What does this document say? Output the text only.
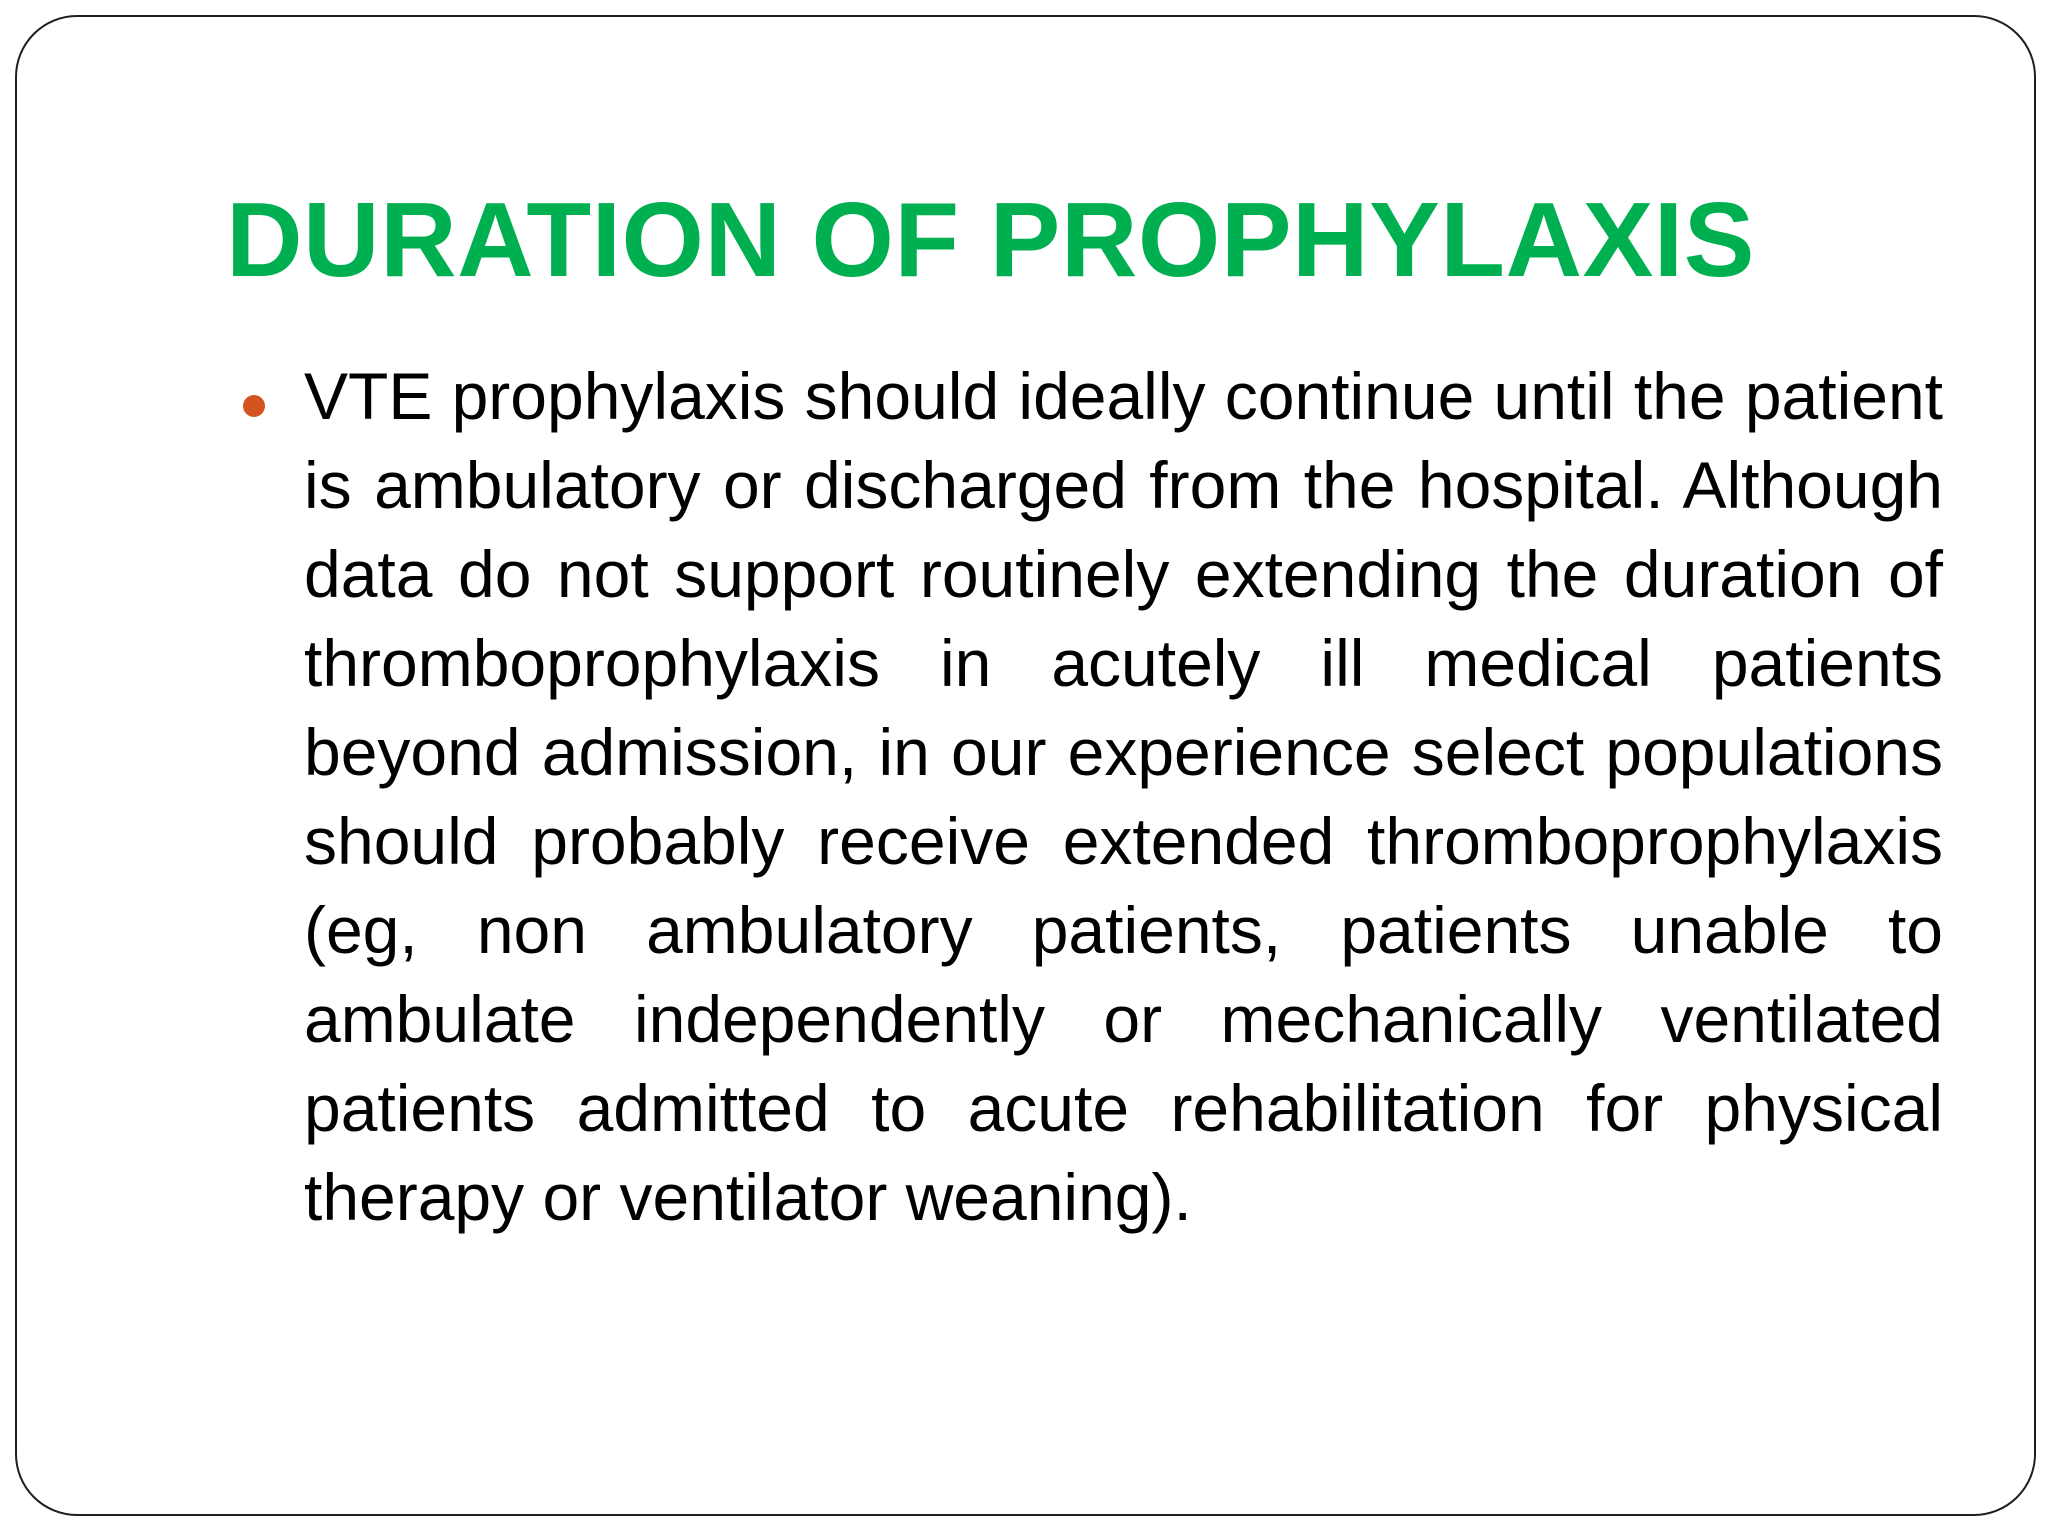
DURATION OF PROPHYLAXIS

VTE prophylaxis should ideally continue until the patient is ambulatory or discharged from the hospital. Although data do not support routinely extending the duration of thromboprophylaxis in acutely ill medical patients beyond admission, in our experience select populations should probably receive extended thromboprophylaxis (eg, non ambulatory patients, patients unable to ambulate independently or mechanically ventilated patients admitted to acute rehabilitation for physical therapy or ventilator weaning).
